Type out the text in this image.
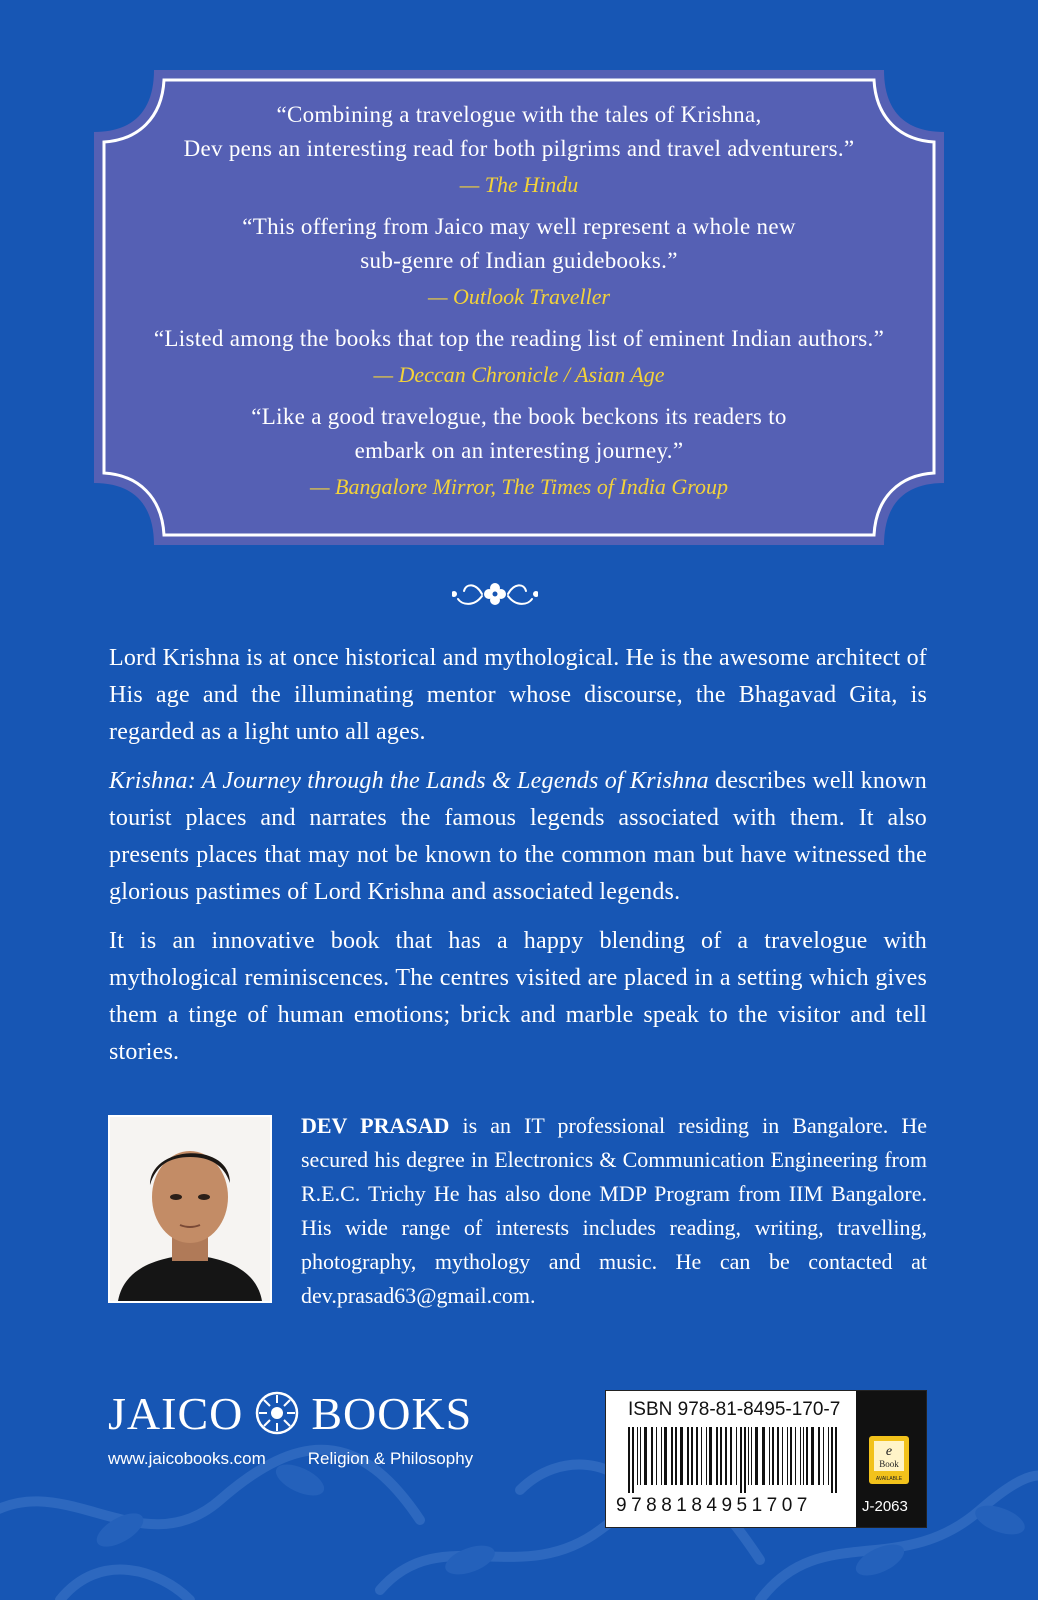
“Combining a travelogue with the tales of Krishna,

Dev pens an interesting read for both pilgrims and travel adventurers.”

— The Hindu

“This offering from Jaico may well represent a whole new

sub-genre of Indian guidebooks.”

— Outlook Traveller

“Listed among the books that top the reading list of eminent Indian authors.”

— Deccan Chronicle / Asian Age

“Like a good travelogue, the book beckons its readers to

embark on an interesting journey.”

— Bangalore Mirror, The Times of India Group

Lord Krishna is at once historical and mythological. He is the awesome architect of His age and the illuminating mentor whose discourse, the Bhagavad Gita, is regarded as a light unto all ages.

Krishna: A Journey through the Lands & Legends of Krishna describes well known tourist places and narrates the famous legends associated with them. It also presents places that may not be known to the common man but have witnessed the glorious pastimes of Lord Krishna and associated legends.

It is an innovative book that has a happy blending of a travelogue with mythological reminiscences. The centres visited are placed in a setting which gives them a tinge of human emotions; brick and marble speak to the visitor and tell stories.

DEV PRASAD is an IT professional residing in Bangalore. He secured his degree in Electronics & Communication Engineering from R.E.C. Trichy He has also done MDP Program from IIM Bangalore. His wide range of interests includes reading, writing, travelling, photography, mythology and music. He can be contacted at dev.prasad63@gmail.com.

JAICO BOOKS
www.jaicobooks.com Religion & Philosophy
ISBN 978-81-8495-170-7
9788184951707
e
Book
AVAILABLE
J-2063
